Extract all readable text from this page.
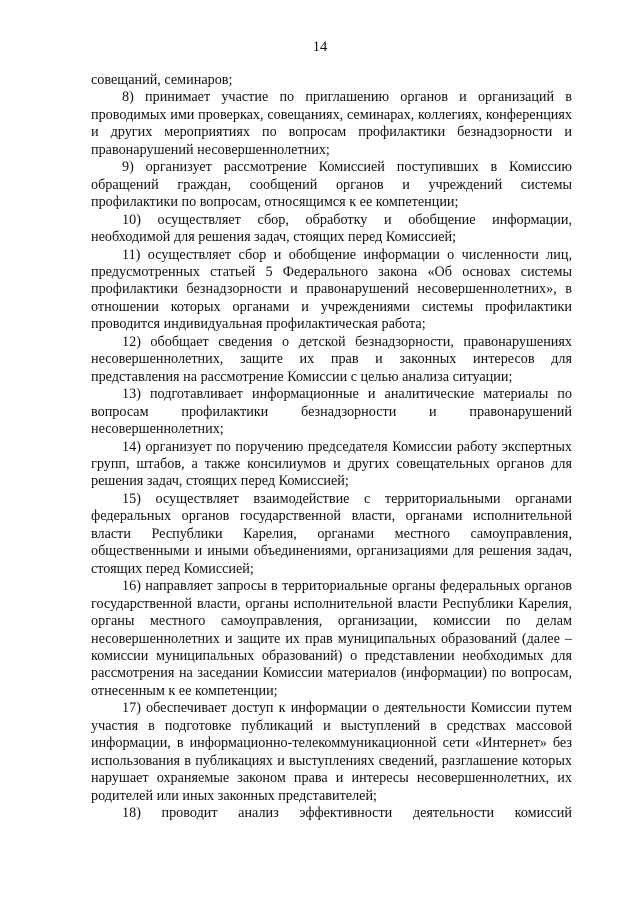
14

совещаний, семинаров;

8) принимает участие по приглашению органов и организаций в проводимых ими проверках, совещаниях, семинарах, коллегиях, конференциях и других мероприятиях по вопросам профилактики безнадзорности и правонарушений несовершеннолетних;

9) организует рассмотрение Комиссией поступивших в Комиссию обращений граждан, сообщений органов и учреждений системы профилактики по вопросам, относящимся к ее компетенции;

10) осуществляет сбор, обработку и обобщение информации, необходимой для решения задач, стоящих перед Комиссией;

11) осуществляет сбор и обобщение информации о численности лиц, предусмотренных статьей 5 Федерального закона «Об основах системы профилактики безнадзорности и правонарушений несовершеннолетних», в отношении которых органами и учреждениями системы профилактики проводится индивидуальная профилактическая работа;

12) обобщает сведения о детской безнадзорности, правонарушениях несовершеннолетних, защите их прав и законных интересов для представления на рассмотрение Комиссии с целью анализа ситуации;

13) подготавливает информационные и аналитические материалы по вопросам профилактики безнадзорности и правонарушений несовершеннолетних;

14) организует по поручению председателя Комиссии работу экспертных групп, штабов, а также консилиумов и других совещательных органов для решения задач, стоящих перед Комиссией;

15) осуществляет взаимодействие с территориальными органами федеральных органов государственной власти, органами исполнительной власти Республики Карелия, органами местного самоуправления, общественными и иными объединениями, организациями для решения задач, стоящих перед Комиссией;

16) направляет запросы в территориальные органы федеральных органов государственной власти, органы исполнительной власти Республики Карелия, органы местного самоуправления, организации, комиссии по делам несовершеннолетних и защите их прав муниципальных образований (далее – комиссии муниципальных образований) о представлении необходимых для рассмотрения на заседании Комиссии материалов (информации) по вопросам, отнесенным к ее компетенции;

17) обеспечивает доступ к информации о деятельности Комиссии путем участия в подготовке публикаций и выступлений в средствах массовой информации, в информационно-телекоммуникационной сети «Интернет» без использования в публикациях и выступлениях сведений, разглашение которых нарушает охраняемые законом права и интересы несовершеннолетних, их родителей или иных законных представителей;

18) проводит анализ эффективности деятельности комиссий
